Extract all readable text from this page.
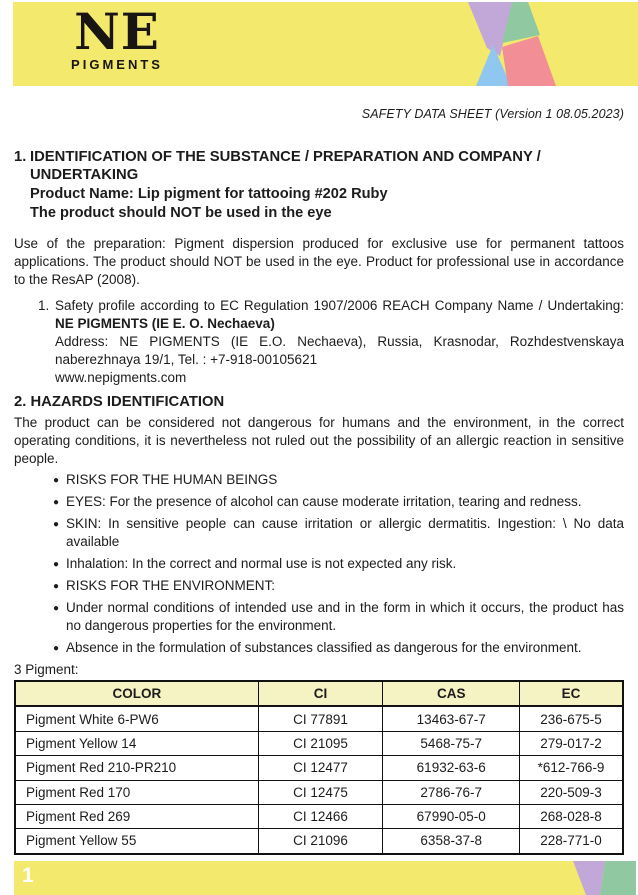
NE
PIGMENTS
SAFETY DATA SHEET (Version 1 08.05.2023)
1. IDENTIFICATION OF THE SUBSTANCE / PREPARATION AND COMPANY /
UNDERTAKING
Product Name: Lip pigment for tattooing #202 Ruby
The product should NOT be used in the eye
Use of the preparation: Pigment dispersion produced for exclusive use for permanent tattoos applications. The product should NOT be used in the eye. Product for professional use in accordance to the ResAP (2008).
1. Safety profile according to EC Regulation 1907/2006 REACH Company Name / Undertaking: NE PIGMENTS (IE E. O. Nechaeva)
Address: NE PIGMENTS (IE E.O. Nechaeva), Russia, Krasnodar, Rozhdestvenskaya naberezhnaya 19/1, Tel. : +7-918-00105621
www.nepigments.com
2. HAZARDS IDENTIFICATION
The product can be considered not dangerous for humans and the environment, in the correct operating conditions, it is nevertheless not ruled out the possibility of an allergic reaction in sensitive people.
● RISKS FOR THE HUMAN BEINGS
● EYES: For the presence of alcohol can cause moderate irritation, tearing and redness.
● SKIN: In sensitive people can cause irritation or allergic dermatitis. Ingestion: \ No data available
● Inhalation: In the correct and normal use is not expected any risk.
● RISKS FOR THE ENVIRONMENT:
● Under normal conditions of intended use and in the form in which it occurs, the product has no dangerous properties for the environment.
● Absence in the formulation of substances classified as dangerous for the environment.
3 Pigment:
COLOR	CI	CAS	EC
Pigment White 6-PW6	CI 77891	13463-67-7	236-675-5
Pigment Yellow 14	CI 21095	5468-75-7	279-017-2
Pigment Red 210-PR210	CI 12477	61932-63-6	*612-766-9
Pigment Red 170	CI 12475	2786-76-7	220-509-3
Pigment Red 269	CI 12466	67990-05-0	268-028-8
Pigment Yellow 55	CI 21096	6358-37-8	228-771-0
1
